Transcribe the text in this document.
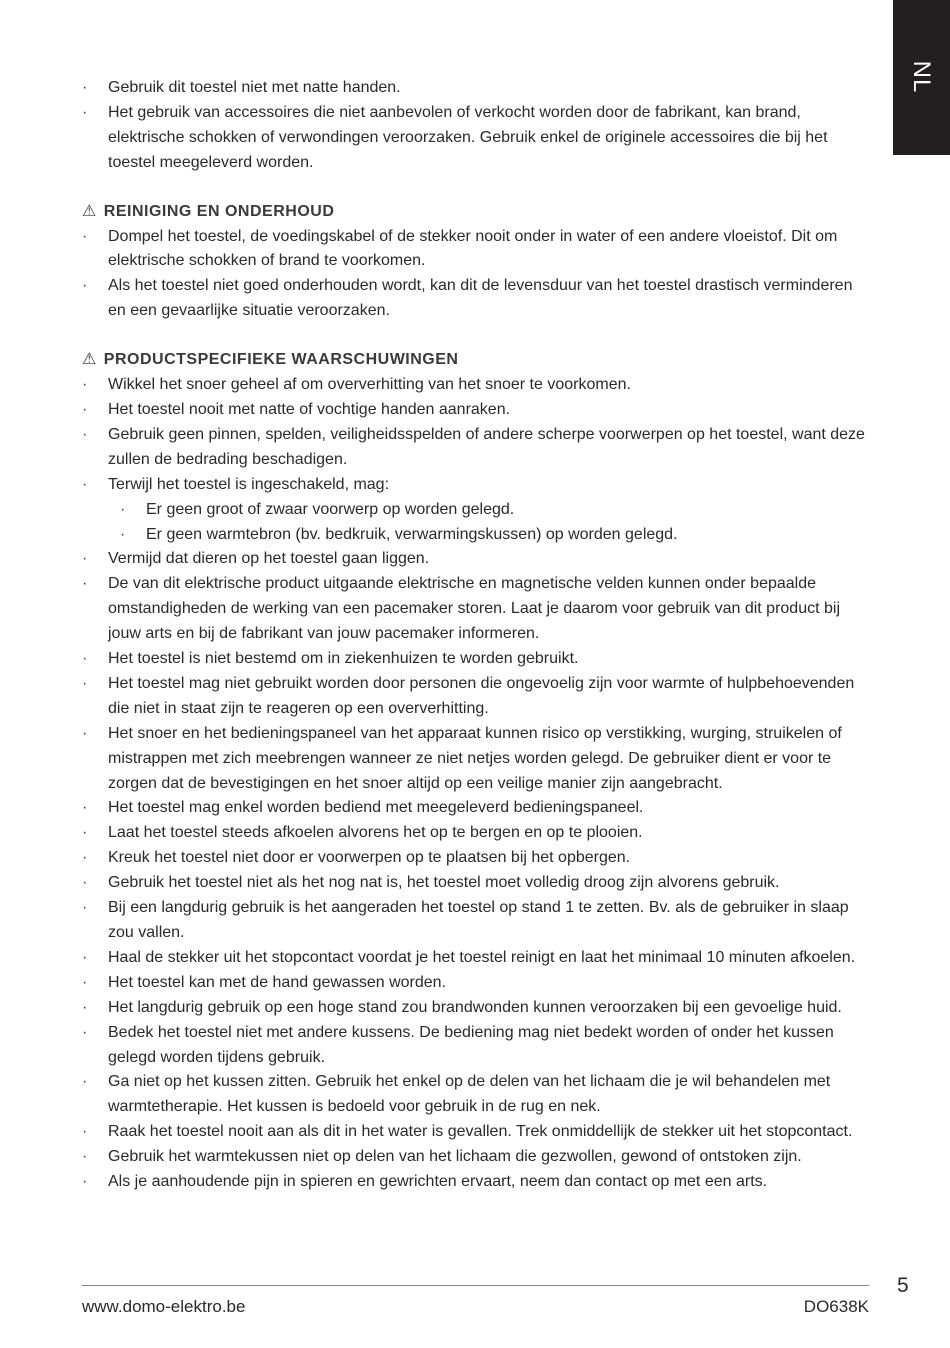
NL
· Gebruik dit toestel niet met natte handen.
· Het gebruik van accessoires die niet aanbevolen of verkocht worden door de fabrikant, kan brand, elektrische schokken of verwondingen veroorzaken. Gebruik enkel de originele accessoires die bij het toestel meegeleverd worden.
⚠ REINIGING EN ONDERHOUD
· Dompel het toestel, de voedingskabel of de stekker nooit onder in water of een andere vloeistof. Dit om elektrische schokken of brand te voorkomen.
· Als het toestel niet goed onderhouden wordt, kan dit de levensduur van het toestel drastisch verminderen en een gevaarlijke situatie veroorzaken.
⚠ PRODUCTSPECIFIEKE WAARSCHUWINGEN
· Wikkel het snoer geheel af om oververhitting van het snoer te voorkomen.
· Het toestel nooit met natte of vochtige handen aanraken.
· Gebruik geen pinnen, spelden, veiligheidsspelden of andere scherpe voorwerpen op het toestel, want deze zullen de bedrading beschadigen.
· Terwijl het toestel is ingeschakeld, mag:
· Er geen groot of zwaar voorwerp op worden gelegd.
· Er geen warmtebron (bv. bedkruik, verwarmingskussen) op worden gelegd.
· Vermijd dat dieren op het toestel gaan liggen.
· De van dit elektrische product uitgaande elektrische en magnetische velden kunnen onder bepaalde omstandigheden de werking van een pacemaker storen. Laat je daarom voor gebruik van dit product bij jouw arts en bij de fabrikant van jouw pacemaker informeren.
· Het toestel is niet bestemd om in ziekenhuizen te worden gebruikt.
· Het toestel mag niet gebruikt worden door personen die ongevoelig zijn voor warmte of hulpbehoevenden die niet in staat zijn te reageren op een oververhitting.
· Het snoer en het bedieningspaneel van het apparaat kunnen risico op verstikking, wurging, struikelen of mistrappen met zich meebrengen wanneer ze niet netjes worden gelegd. De gebruiker dient er voor te zorgen dat de bevestigingen en het snoer altijd op een veilige manier zijn aangebracht.
· Het toestel mag enkel worden bediend met meegeleverd bedieningspaneel.
· Laat het toestel steeds afkoelen alvorens het op te bergen en op te plooien.
· Kreuk het toestel niet door er voorwerpen op te plaatsen bij het opbergen.
· Gebruik het toestel niet als het nog nat is, het toestel moet volledig droog zijn alvorens gebruik.
· Bij een langdurig gebruik is het aangeraden het toestel op stand 1 te zetten. Bv. als de gebruiker in slaap zou vallen.
· Haal de stekker uit het stopcontact voordat je het toestel reinigt en laat het minimaal 10 minuten afkoelen.
· Het toestel kan met de hand gewassen worden.
· Het langdurig gebruik op een hoge stand zou brandwonden kunnen veroorzaken bij een gevoelige huid.
· Bedek het toestel niet met andere kussens. De bediening mag niet bedekt worden of onder het kussen gelegd worden tijdens gebruik.
· Ga niet op het kussen zitten. Gebruik het enkel op de delen van het lichaam die je wil behandelen met warmtetherapie. Het kussen is bedoeld voor gebruik in de rug en nek.
· Raak het toestel nooit aan als dit in het water is gevallen. Trek onmiddellijk de stekker uit het stopcontact.
· Gebruik het warmtekussen niet op delen van het lichaam die gezwollen, gewond of ontstoken zijn.
· Als je aanhoudende pijn in spieren en gewrichten ervaart, neem dan contact op met een arts.
www.domo-elektro.be	DO638K
5
